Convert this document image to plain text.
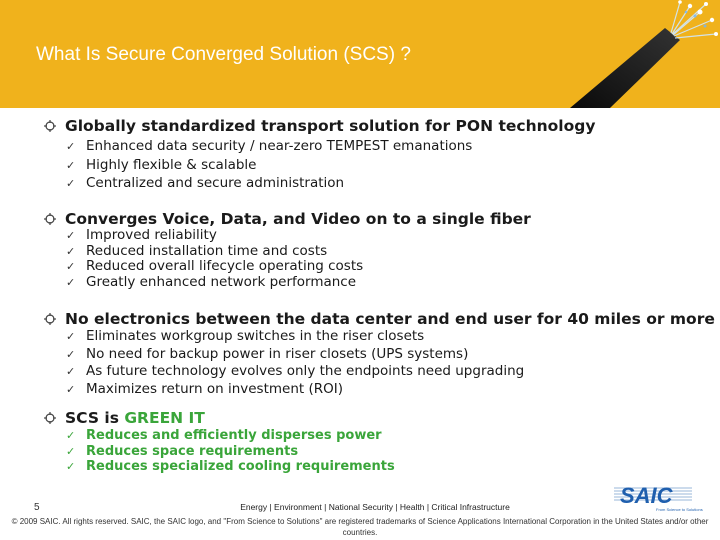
What Is Secure Converged Solution (SCS) ?
Globally standardized transport solution for PON technology
✓ Enhanced data security / near-zero TEMPEST emanations
✓ Highly flexible & scalable
✓ Centralized and secure administration
Converges Voice, Data, and Video on to a single fiber
✓ Improved reliability
✓ Reduced installation time and costs
✓ Reduced overall lifecycle operating costs
✓ Greatly enhanced network performance
No electronics between the data center and end user for 40 miles or more
✓ Eliminates workgroup switches in the riser closets
✓ No need for backup power in riser closets (UPS systems)
✓ As future technology evolves only the endpoints need upgrading
✓ Maximizes return on investment (ROI)
SCS is GREEN IT
✓ Reduces and efficiently disperses power
✓ Reduces space requirements
✓ Reduces specialized cooling requirements
5	Energy | Environment | National Security | Health | Critical Infrastructure	SAIC
From Science to Solutions
© 2009 SAIC. All rights reserved. SAIC, the SAIC logo, and "From Science to Solutions" are registered trademarks of Science Applications International Corporation in the United States and/or other countries.
